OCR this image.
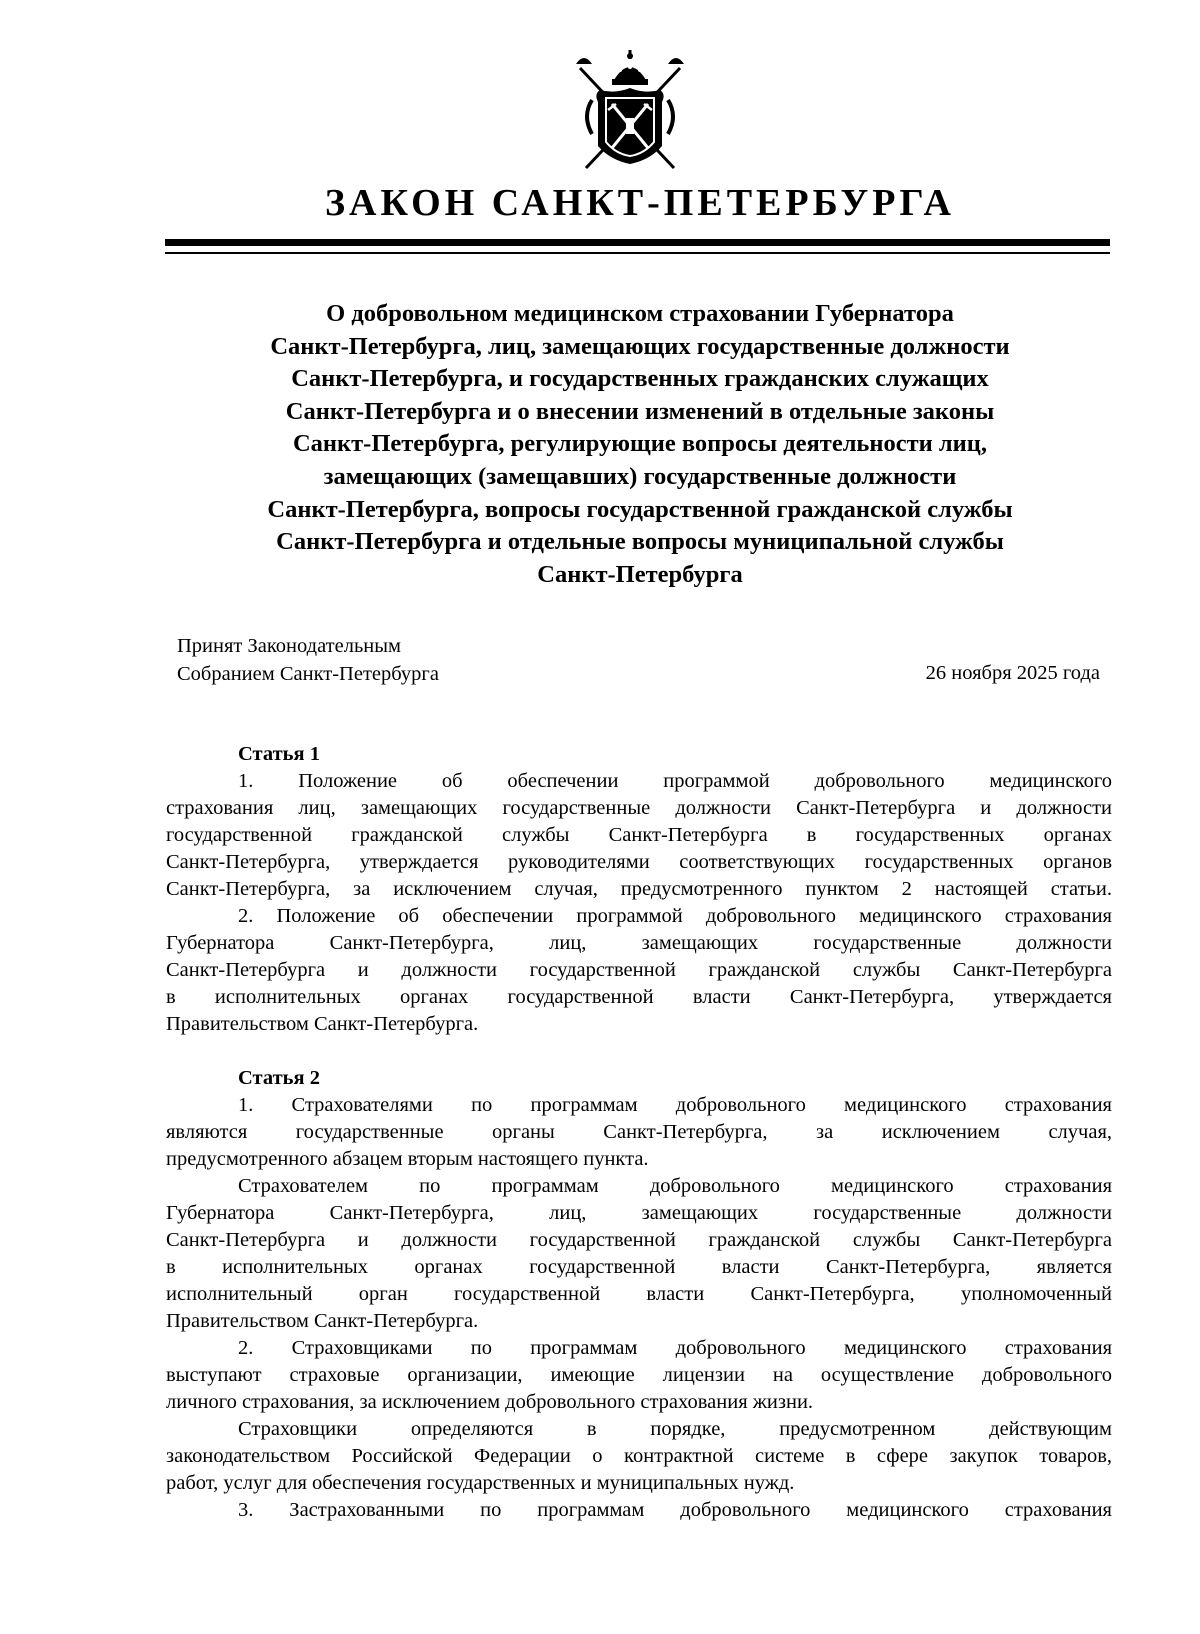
ЗАКОН САНКТ-ПЕТЕРБУРГА
О добровольном медицинском страховании Губернатора
Санкт-Петербурга, лиц, замещающих государственные должности
Санкт-Петербурга, и государственных гражданских служащих
Санкт-Петербурга и о внесении изменений в отдельные законы
Санкт-Петербурга, регулирующие вопросы деятельности лиц,
замещающих (замещавших) государственные должности
Санкт-Петербурга, вопросы государственной гражданской службы
Санкт-Петербурга и отдельные вопросы муниципальной службы
Санкт-Петербурга
Принят Законодательным
Собранием Санкт-Петербурга	26 ноября 2025 года
Статья 1
1. Положение об обеспечении программой добровольного медицинского
страхования лиц, замещающих государственные должности Санкт-Петербурга и должности
государственной гражданской службы Санкт-Петербурга в государственных органах
Санкт-Петербурга, утверждается руководителями соответствующих государственных органов
Санкт-Петербурга, за исключением случая, предусмотренного пунктом 2 настоящей статьи.
2. Положение об обеспечении программой добровольного медицинского страхования
Губернатора Санкт-Петербурга, лиц, замещающих государственные должности
Санкт-Петербурга и должности государственной гражданской службы Санкт-Петербурга
в исполнительных органах государственной власти Санкт-Петербурга, утверждается
Правительством Санкт-Петербурга.
Статья 2
1. Страхователями по программам добровольного медицинского страхования
являются государственные органы Санкт-Петербурга, за исключением случая,
предусмотренного абзацем вторым настоящего пункта.
Страхователем по программам добровольного медицинского страхования
Губернатора Санкт-Петербурга, лиц, замещающих государственные должности
Санкт-Петербурга и должности государственной гражданской службы Санкт-Петербурга
в исполнительных органах государственной власти Санкт-Петербурга, является
исполнительный орган государственной власти Санкт-Петербурга, уполномоченный
Правительством Санкт-Петербурга.
2. Страховщиками по программам добровольного медицинского страхования
выступают страховые организации, имеющие лицензии на осуществление добровольного
личного страхования, за исключением добровольного страхования жизни.
Страховщики определяются в порядке, предусмотренном действующим
законодательством Российской Федерации о контрактной системе в сфере закупок товаров,
работ, услуг для обеспечения государственных и муниципальных нужд.
3. Застрахованными по программам добровольного медицинского страхования
